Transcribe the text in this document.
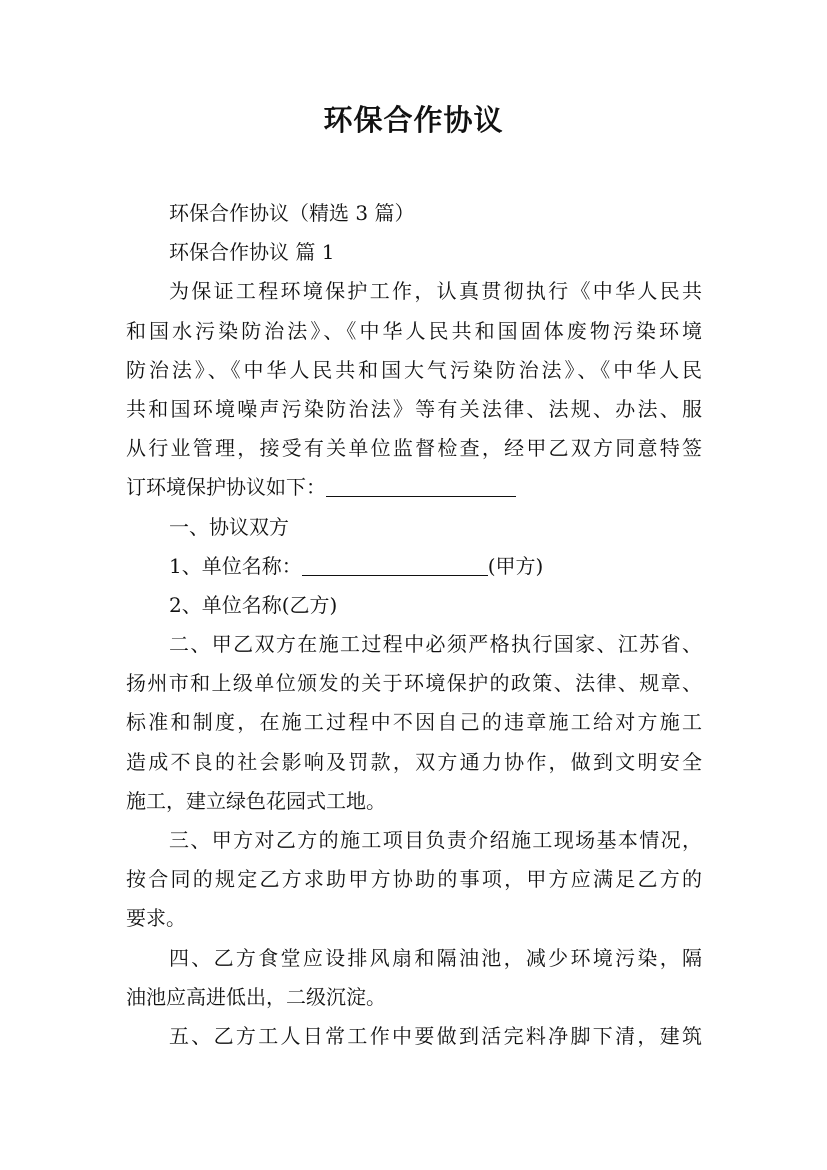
环保合作协议
环保合作协议（精选 3 篇）
环保合作协议 篇 1
为保证工程环境保护工作，认真贯彻执行《中华人民共
和国水污染防治法》、《中华人民共和国固体废物污染环境
防治法》、《中华人民共和国大气污染防治法》、《中华人民
共和国环境噪声污染防治法》等有关法律、法规、办法、服
从行业管理，接受有关单位监督检查，经甲乙双方同意特签
订环境保护协议如下：
一、协议双方
1、单位名称：	(甲方)
2、单位名称(乙方)
二、甲乙双方在施工过程中必须严格执行国家、江苏省、
扬州市和上级单位颁发的关于环境保护的政策、法律、规章、
标准和制度，在施工过程中不因自己的违章施工给对方施工
造成不良的社会影响及罚款，双方通力协作，做到文明安全
施工，建立绿色花园式工地。
三、甲方对乙方的施工项目负责介绍施工现场基本情况，
按合同的规定乙方求助甲方协助的事项，甲方应满足乙方的
要求。
四、乙方食堂应设排风扇和隔油池，减少环境污染，隔
油池应高进低出，二级沉淀。
五、乙方工人日常工作中要做到活完料净脚下清，建筑
